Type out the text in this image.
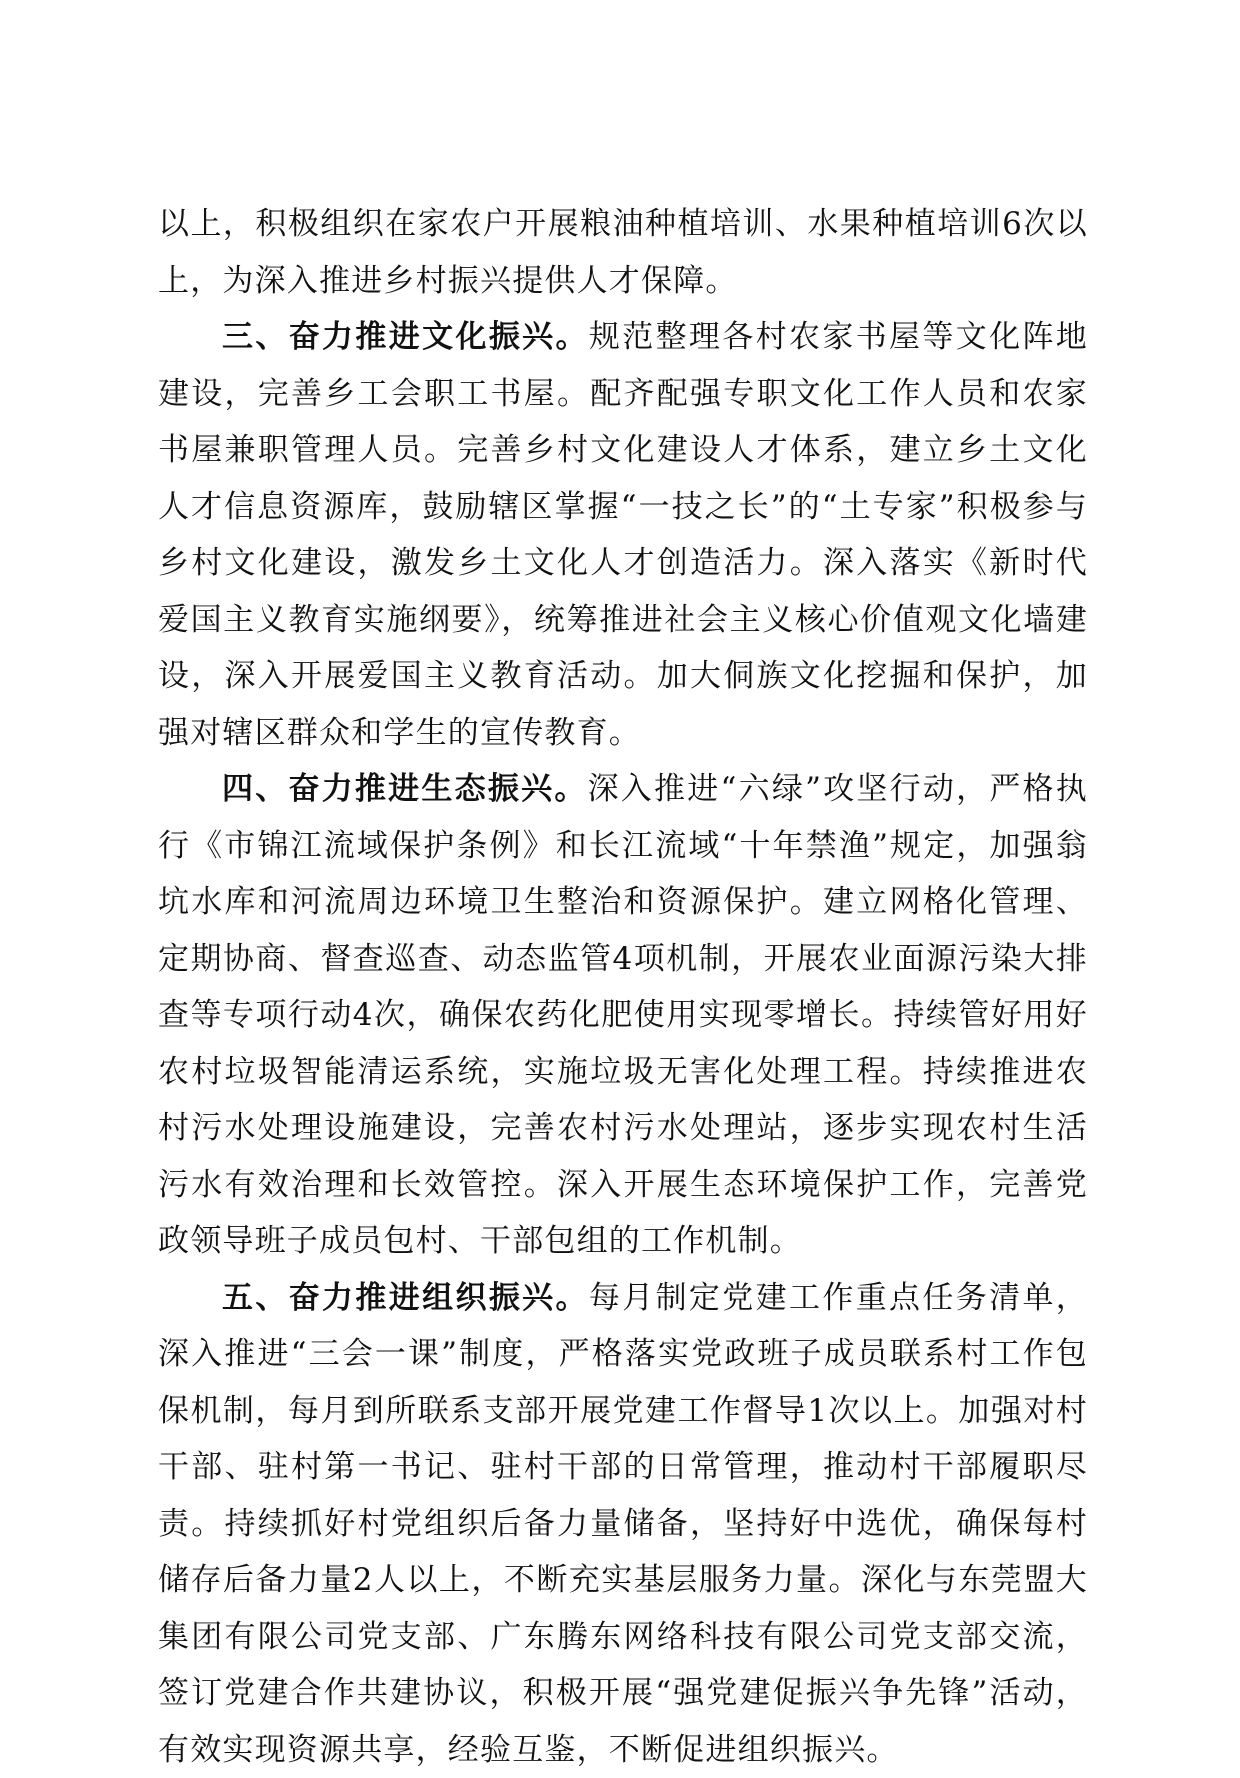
以上，积极组织在家农户开展粮油种植培训、水果种植培训6次以上，为深入推进乡村振兴提供人才保障。

三、奋力推进文化振兴。规范整理各村农家书屋等文化阵地建设，完善乡工会职工书屋。配齐配强专职文化工作人员和农家书屋兼职管理人员。完善乡村文化建设人才体系，建立乡土文化人才信息资源库，鼓励辖区掌握“一技之长”的“土专家”积极参与乡村文化建设，激发乡土文化人才创造活力。深入落实《新时代爱国主义教育实施纲要》，统筹推进社会主义核心价值观文化墙建设，深入开展爱国主义教育活动。加大侗族文化挖掘和保护，加强对辖区群众和学生的宣传教育。

四、奋力推进生态振兴。深入推进“六绿”攻坚行动，严格执行《市锦江流域保护条例》和长江流域“十年禁渔”规定，加强翁坑水库和河流周边环境卫生整治和资源保护。建立网格化管理、定期协商、督查巡查、动态监管4项机制，开展农业面源污染大排查等专项行动4次，确保农药化肥使用实现零增长。持续管好用好农村垃圾智能清运系统，实施垃圾无害化处理工程。持续推进农村污水处理设施建设，完善农村污水处理站，逐步实现农村生活污水有效治理和长效管控。深入开展生态环境保护工作，完善党政领导班子成员包村、干部包组的工作机制。

五、奋力推进组织振兴。每月制定党建工作重点任务清单，深入推进“三会一课”制度，严格落实党政班子成员联系村工作包保机制，每月到所联系支部开展党建工作督导1次以上。加强对村干部、驻村第一书记、驻村干部的日常管理，推动村干部履职尽责。持续抓好村党组织后备力量储备，坚持好中选优，确保每村储存后备力量2人以上，不断充实基层服务力量。深化与东莞盟大集团有限公司党支部、广东腾东网络科技有限公司党支部交流，签订党建合作共建协议，积极开展“强党建促振兴争先锋”活动，有效实现资源共享，经验互鉴，不断促进组织振兴。
